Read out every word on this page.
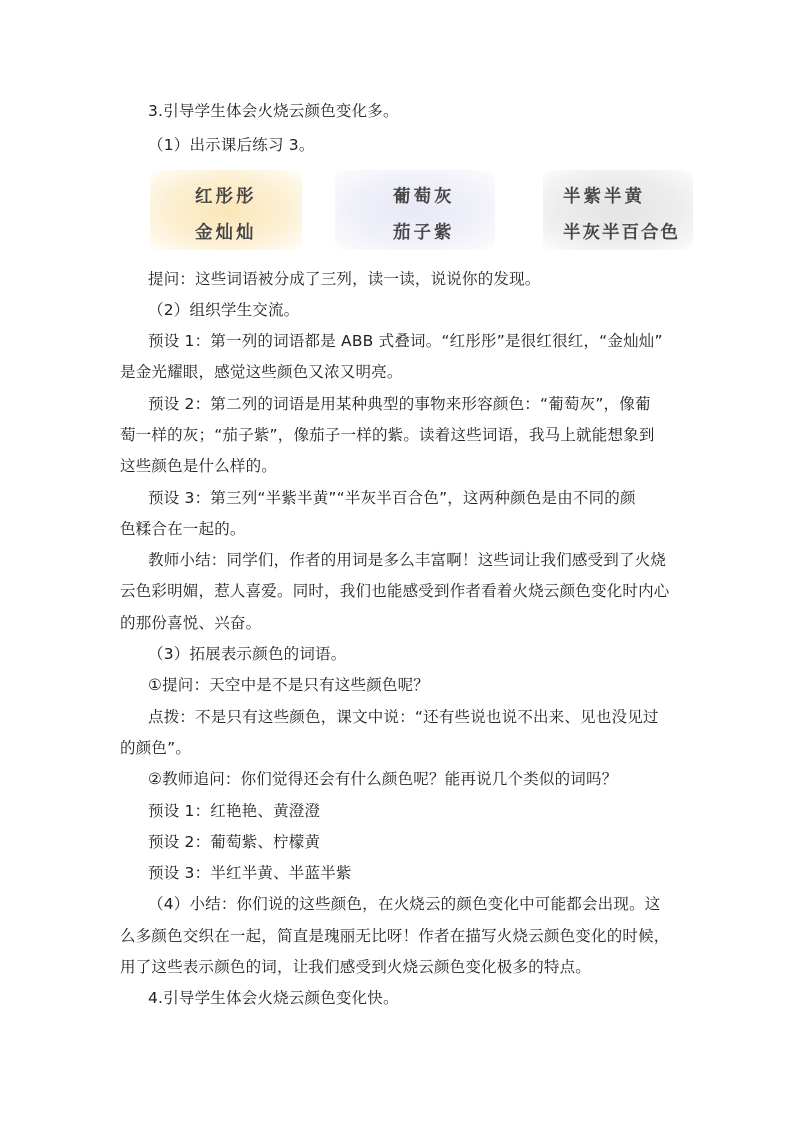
3.引导学生体会火烧云颜色变化多。

（1）出示课后练习 3。

红彤彤
金灿灿
葡萄灰
茄子紫
半紫半黄
半灰半百合色

提问：这些词语被分成了三列，读一读，说说你的发现。

（2）组织学生交流。

预设 1：第一列的词语都是 ABB 式叠词。“红彤彤”是很红很红，“金灿灿”

是金光耀眼，感觉这些颜色又浓又明亮。

预设 2：第二列的词语是用某种典型的事物来形容颜色：“葡萄灰”，像葡

萄一样的灰；“茄子紫”，像茄子一样的紫。读着这些词语，我马上就能想象到

这些颜色是什么样的。

预设 3：第三列“半紫半黄”“半灰半百合色”，这两种颜色是由不同的颜

色糅合在一起的。

教师小结：同学们，作者的用词是多么丰富啊！这些词让我们感受到了火烧

云色彩明媚，惹人喜爱。同时，我们也能感受到作者看着火烧云颜色变化时内心

的那份喜悦、兴奋。

（3）拓展表示颜色的词语。

①提问：天空中是不是只有这些颜色呢？

点拨：不是只有这些颜色，课文中说：“还有些说也说不出来、见也没见过

的颜色”。

②教师追问：你们觉得还会有什么颜色呢？能再说几个类似的词吗？

预设 1：红艳艳、黄澄澄

预设 2：葡萄紫、柠檬黄

预设 3：半红半黄、半蓝半紫

（4）小结：你们说的这些颜色，在火烧云的颜色变化中可能都会出现。这

么多颜色交织在一起，简直是瑰丽无比呀！作者在描写火烧云颜色变化的时候，

用了这些表示颜色的词，让我们感受到火烧云颜色变化极多的特点。

4.引导学生体会火烧云颜色变化快。
